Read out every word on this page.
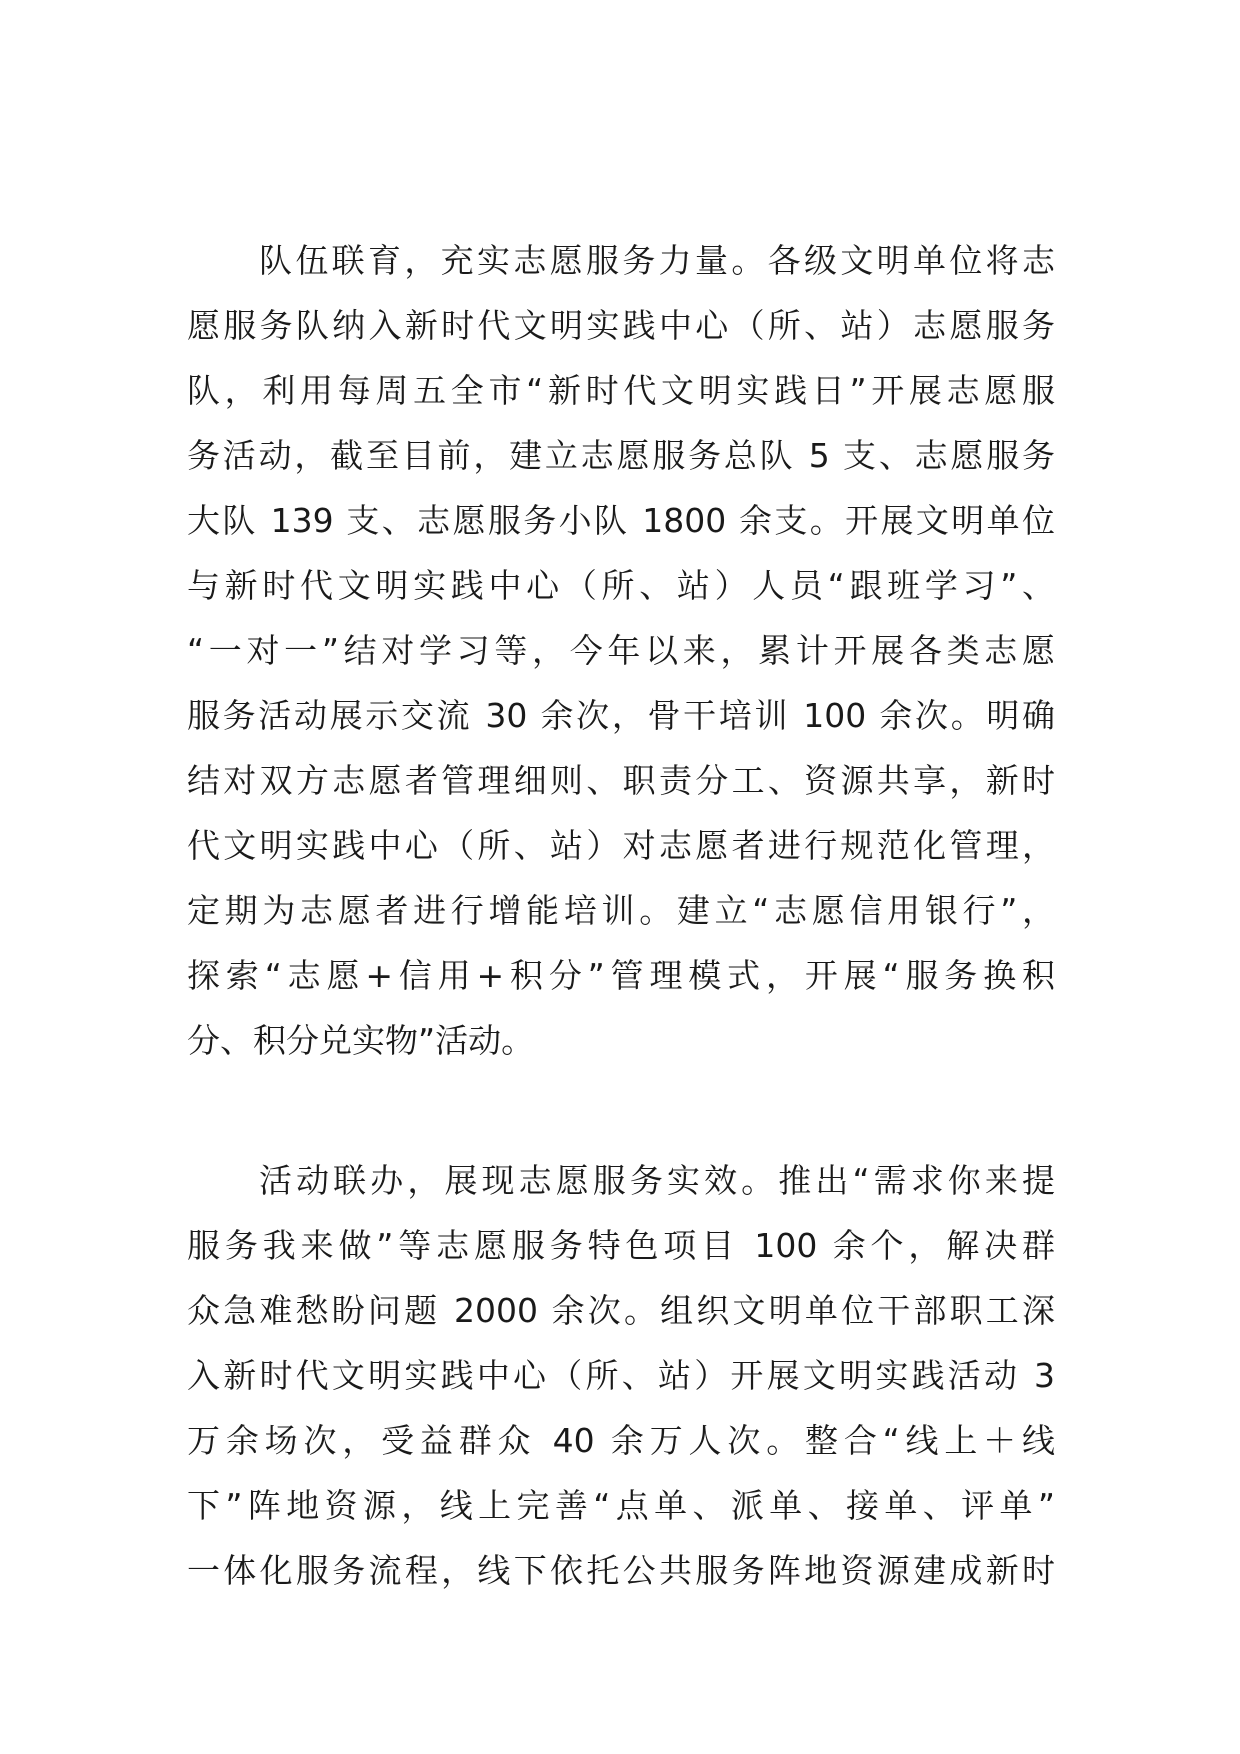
队伍联育，充实志愿服务力量。各级文明单位将志
愿服务队纳入新时代文明实践中心（所、站）志愿服务
队，利用每周五全市“新时代文明实践日”开展志愿服
务活动，截至目前，建立志愿服务总队 5 支、志愿服务
大队 139 支、志愿服务小队 1800 余支。开展文明单位
与新时代文明实践中心（所、站）人员“跟班学习”、
“一对一”结对学习等，今年以来，累计开展各类志愿
服务活动展示交流 30 余次，骨干培训 100 余次。明确
结对双方志愿者管理细则、职责分工、资源共享，新时
代文明实践中心（所、站）对志愿者进行规范化管理，
定期为志愿者进行增能培训。建立“志愿信用银行”，
探索“志愿+信用+积分”管理模式，开展“服务换积
分、积分兑实物”活动。
活动联办，展现志愿服务实效。推出“需求你来提
服务我来做”等志愿服务特色项目 100 余个，解决群
众急难愁盼问题 2000 余次。组织文明单位干部职工深
入新时代文明实践中心（所、站）开展文明实践活动 3
万余场次，受益群众 40 余万人次。整合“线上＋线
下”阵地资源，线上完善“点单、派单、接单、评单”
一体化服务流程，线下依托公共服务阵地资源建成新时
